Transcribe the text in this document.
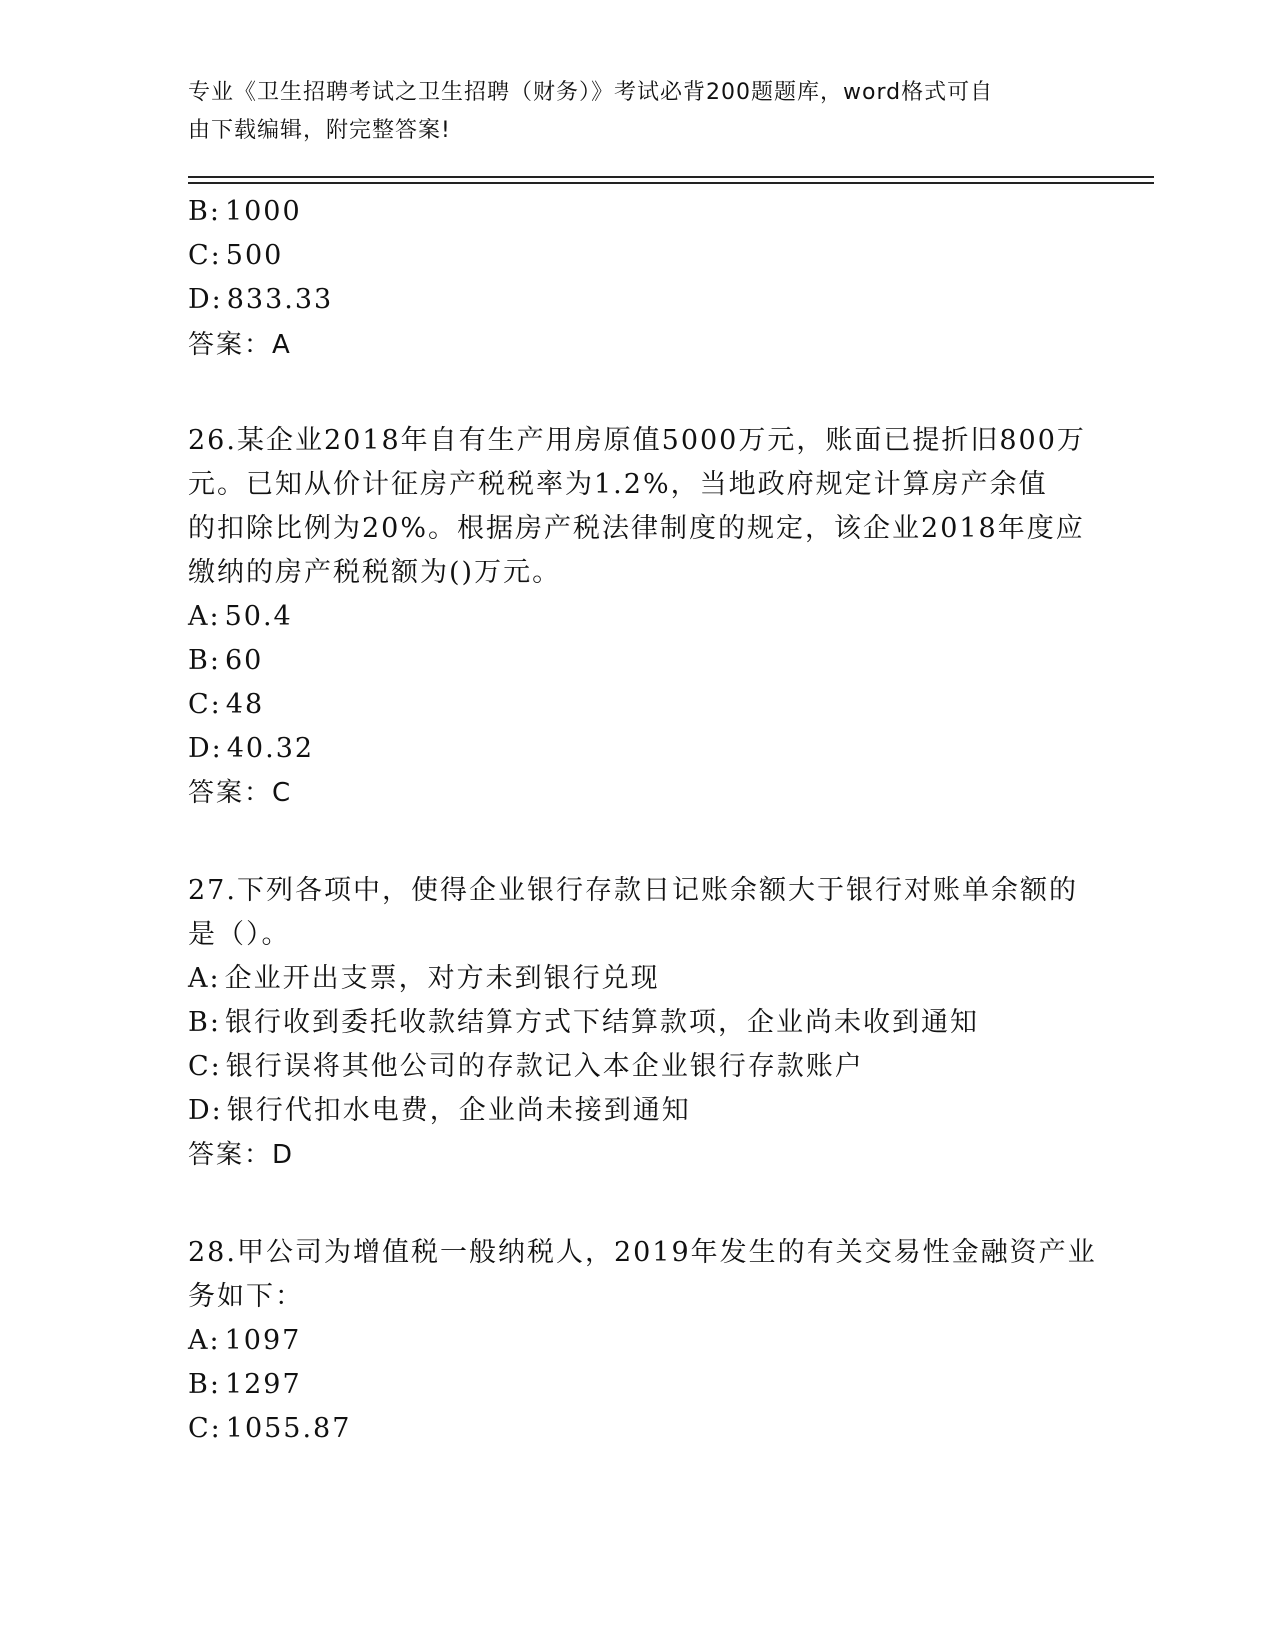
专业《卫生招聘考试之卫生招聘（财务）》考试必背200题题库，word格式可自
由下载编辑，附完整答案!
B: 1000
C: 500
D: 833.33
答案：A
26.某企业2018年自有生产用房原值5000万元，账面已提折旧800万
元。已知从价计征房产税税率为1.2%，当地政府规定计算房产余值
的扣除比例为20%。根据房产税法律制度的规定，该企业2018年度应
缴纳的房产税税额为()万元。
A: 50.4
B: 60
C: 48
D: 40.32
答案：C
27.下列各项中，使得企业银行存款日记账余额大于银行对账单余额的
是（）。
A: 企业开出支票，对方未到银行兑现
B: 银行收到委托收款结算方式下结算款项，企业尚未收到通知
C: 银行误将其他公司的存款记入本企业银行存款账户
D: 银行代扣水电费，企业尚未接到通知
答案：D
28.甲公司为增值税一般纳税人，2019年发生的有关交易性金融资产业
务如下：
A: 1097
B: 1297
C: 1055.87
